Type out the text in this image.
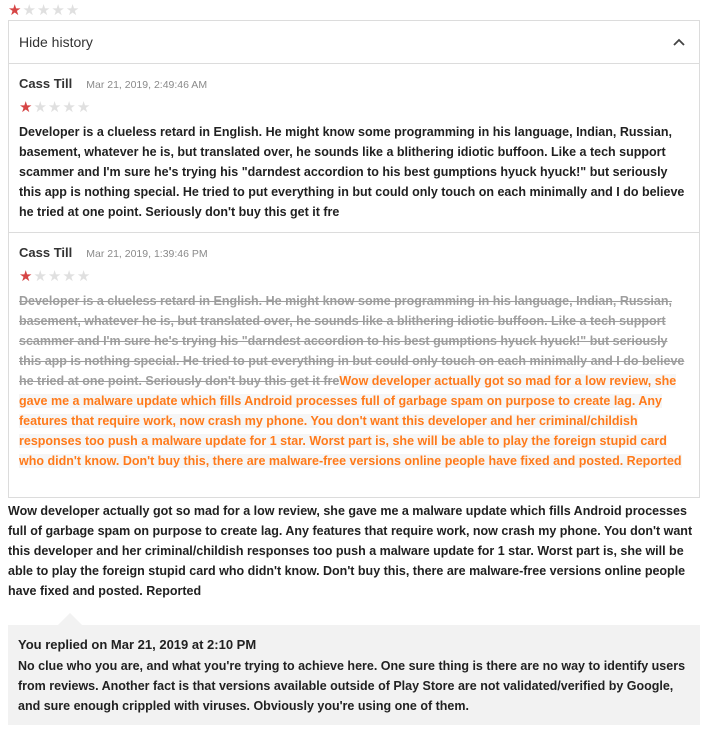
★ ★ ★ ★ ★
Hide history
Cass Till Mar 21, 2019, 2:49:46 AM
★ ★ ★ ★ ★
Developer is a clueless retard in English. He might know some programming in his language, Indian, Russian, basement, whatever he is, but translated over, he sounds like a blithering idiotic buffoon. Like a tech support scammer and I'm sure he's trying his "darndest accordion to his best gumptions hyuck hyuck!" but seriously this app is nothing special. He tried to put everything in but could only touch on each minimally and I do believe he tried at one point. Seriously don't buy this get it fre
Cass Till Mar 21, 2019, 1:39:46 PM
★ ★ ★ ★ ★
Developer is a clueless retard in English. He might know some programming in his language, Indian, Russian, basement, whatever he is, but translated over, he sounds like a blithering idiotic buffoon. Like a tech support scammer and I'm sure he's trying his "darndest accordion to his best gumptions hyuck hyuck!" but seriously this app is nothing special. He tried to put everything in but could only touch on each minimally and I do believe he tried at one point. Seriously don't buy this get it freWow developer actually got so mad for a low review, she gave me a malware update which fills Android processes full of garbage spam on purpose to create lag. Any features that require work, now crash my phone. You don't want this developer and her criminal/childish responses too push a malware update for 1 star. Worst part is, she will be able to play the foreign stupid card who didn't know. Don't buy this, there are malware-free versions online people have fixed and posted. Reported
Wow developer actually got so mad for a low review, she gave me a malware update which fills Android processes full of garbage spam on purpose to create lag. Any features that require work, now crash my phone. You don't want this developer and her criminal/childish responses too push a malware update for 1 star. Worst part is, she will be able to play the foreign stupid card who didn't know. Don't buy this, there are malware-free versions online people have fixed and posted. Reported
You replied on Mar 21, 2019 at 2:10 PM
No clue who you are, and what you're trying to achieve here. One sure thing is there are no way to identify users from reviews. Another fact is that versions available outside of Play Store are not validated/verified by Google, and sure enough crippled with viruses. Obviously you're using one of them.
